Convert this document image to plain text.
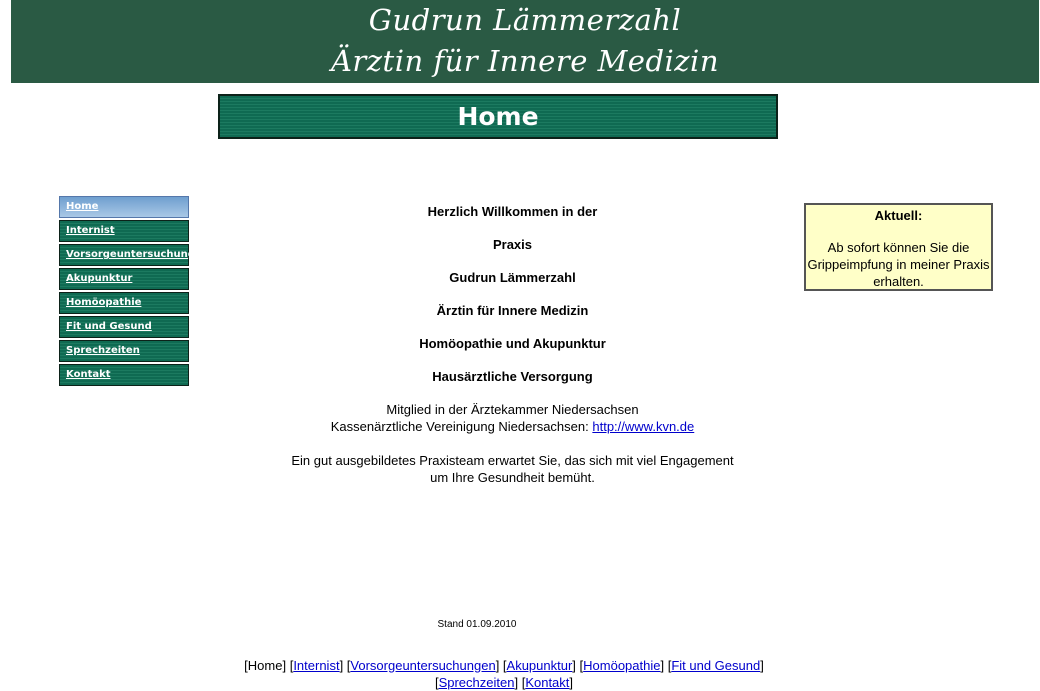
Gudrun Lämmerzahl
Ärztin für Innere Medizin
Home
Home
Internist
Vorsorgeuntersuchungen
Akupunktur
Homöopathie
Fit und Gesund
Sprechzeiten
Kontakt
Herzlich Willkommen in der
Praxis
Gudrun Lämmerzahl
Ärztin für Innere Medizin
Homöopathie und Akupunktur
Hausärztliche Versorgung
Mitglied in der Ärztekammer Niedersachsen
Kassenärztliche Vereinigung Niedersachsen: http://www.kvn.de
Ein gut ausgebildetes Praxisteam erwartet Sie, das sich mit viel Engagement
um Ihre Gesundheit bemüht.
Aktuell:
Ab sofort können Sie die Grippeimpfung in meiner Praxis erhalten.
Stand 01.09.2010
[Home] [Internist] [Vorsorgeuntersuchungen] [Akupunktur] [Homöopathie] [Fit und Gesund]
[Sprechzeiten] [Kontakt]
